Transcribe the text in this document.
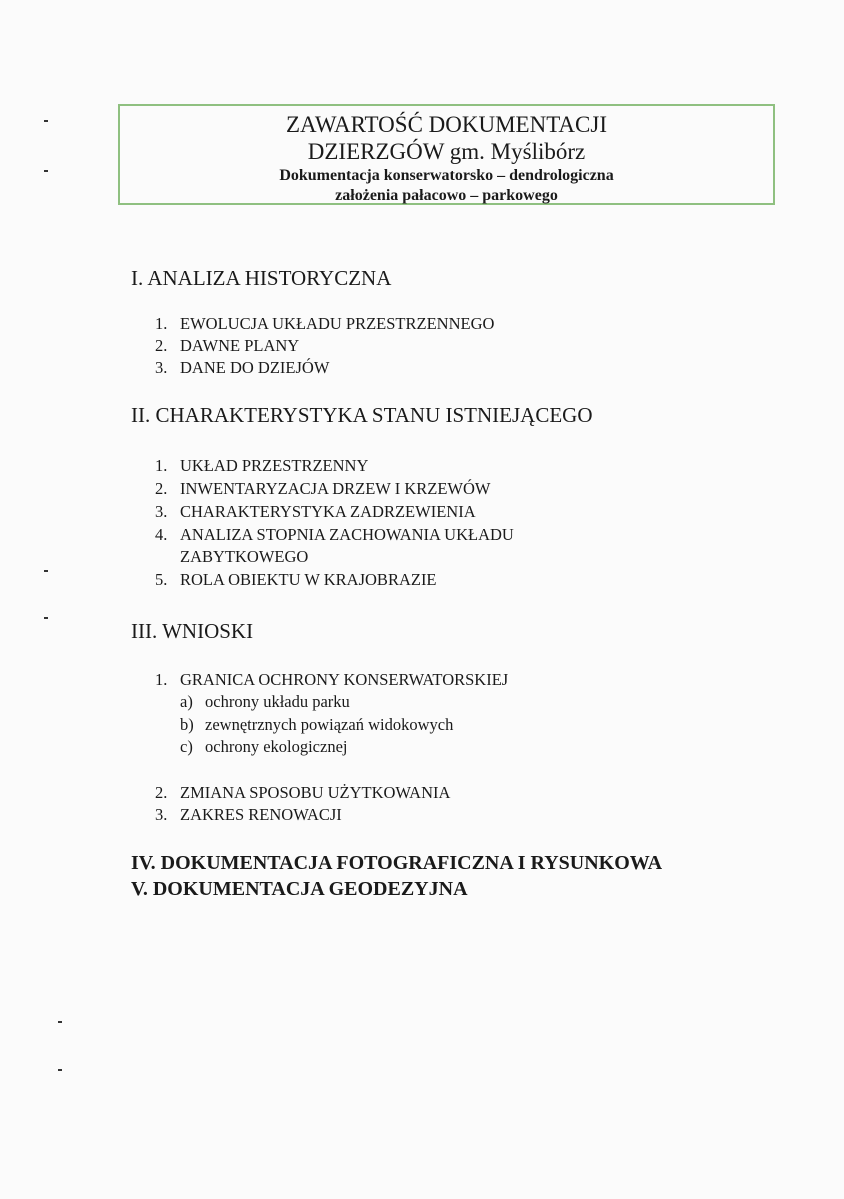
ZAWARTOŚĆ DOKUMENTACJI
DZIERZGÓW gm. Myślibórz
Dokumentacja konserwatorsko – dendrologiczna
założenia pałacowo – parkowego
I. ANALIZA HISTORYCZNA
1. EWOLUCJA UKŁADU PRZESTRZENNEGO
2. DAWNE PLANY
3. DANE DO DZIEJÓW
II. CHARAKTERYSTYKA STANU ISTNIEJĄCEGO
1. UKŁAD PRZESTRZENNY
2. INWENTARYZACJA DRZEW I KRZEWÓW
3. CHARAKTERYSTYKA ZADRZEWIENIA
4. ANALIZA STOPNIA ZACHOWANIA UKŁADU
ZABYTKOWEGO
5. ROLA OBIEKTU W KRAJOBRAZIE
III. WNIOSKI
1. GRANICA OCHRONY KONSERWATORSKIEJ
a) ochrony układu parku
b) zewnętrznych powiązań widokowych
c) ochrony ekologicznej
2. ZMIANA SPOSOBU UŻYTKOWANIA
3. ZAKRES RENOWACJI
IV. DOKUMENTACJA FOTOGRAFICZNA I RYSUNKOWA
V. DOKUMENTACJA GEODEZYJNA
